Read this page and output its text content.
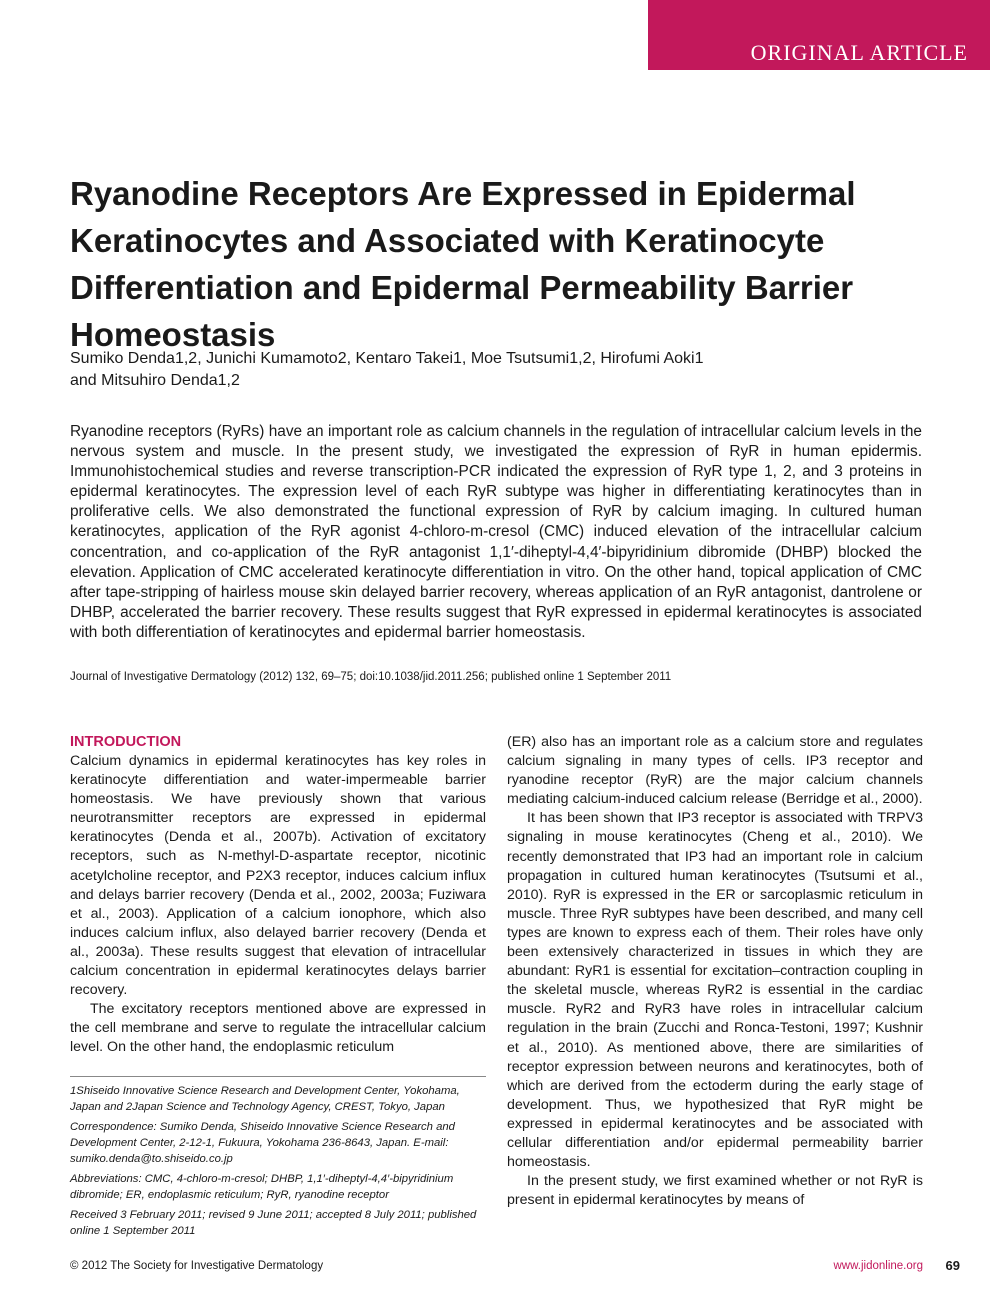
ORIGINAL ARTICLE
Ryanodine Receptors Are Expressed in Epidermal Keratinocytes and Associated with Keratinocyte Differentiation and Epidermal Permeability Barrier Homeostasis
Sumiko Denda1,2, Junichi Kumamoto2, Kentaro Takei1, Moe Tsutsumi1,2, Hirofumi Aoki1
and Mitsuhiro Denda1,2

Ryanodine receptors (RyRs) have an important role as calcium channels in the regulation of intracellular calcium levels in the nervous system and muscle. In the present study, we investigated the expression of RyR in human epidermis. Immunohistochemical studies and reverse transcription-PCR indicated the expression of RyR type 1, 2, and 3 proteins in epidermal keratinocytes. The expression level of each RyR subtype was higher in differentiating keratinocytes than in proliferative cells. We also demonstrated the functional expression of RyR by calcium imaging. In cultured human keratinocytes, application of the RyR agonist 4-chloro-m-cresol (CMC) induced elevation of the intracellular calcium concentration, and co-application of the RyR antagonist 1,1′-diheptyl-4,4′-bipyridinium dibromide (DHBP) blocked the elevation. Application of CMC accelerated keratinocyte differentiation in vitro. On the other hand, topical application of CMC after tape-stripping of hairless mouse skin delayed barrier recovery, whereas application of an RyR antagonist, dantrolene or DHBP, accelerated the barrier recovery. These results suggest that RyR expressed in epidermal keratinocytes is associated with both differentiation of keratinocytes and epidermal barrier homeostasis.

Journal of Investigative Dermatology (2012) 132, 69–75; doi:10.1038/jid.2011.256; published online 1 September 2011
INTRODUCTION

Calcium dynamics in epidermal keratinocytes has key roles in keratinocyte differentiation and water-impermeable barrier homeostasis. We have previously shown that various neurotransmitter receptors are expressed in epidermal keratinocytes (Denda et al., 2007b). Activation of excitatory receptors, such as N-methyl-D-aspartate receptor, nicotinic acetylcholine receptor, and P2X3 receptor, induces calcium influx and delays barrier recovery (Denda et al., 2002, 2003a; Fuziwara et al., 2003). Application of a calcium ionophore, which also induces calcium influx, also delayed barrier recovery (Denda et al., 2003a). These results suggest that elevation of intracellular calcium concentration in epidermal keratinocytes delays barrier recovery.

The excitatory receptors mentioned above are expressed in the cell membrane and serve to regulate the intracellular calcium level. On the other hand, the endoplasmic reticulum

1Shiseido Innovative Science Research and Development Center, Yokohama, Japan and 2Japan Science and Technology Agency, CREST, Tokyo, Japan

Correspondence: Sumiko Denda, Shiseido Innovative Science Research and Development Center, 2-12-1, Fukuura, Yokohama 236-8643, Japan. E-mail: sumiko.denda@to.shiseido.co.jp

Abbreviations: CMC, 4-chloro-m-cresol; DHBP, 1,1′-diheptyl-4,4′-bipyridinium dibromide; ER, endoplasmic reticulum; RyR, ryanodine receptor

Received 3 February 2011; revised 9 June 2011; accepted 8 July 2011; published online 1 September 2011

(ER) also has an important role as a calcium store and regulates calcium signaling in many types of cells. IP3 receptor and ryanodine receptor (RyR) are the major calcium channels mediating calcium-induced calcium release (Berridge et al., 2000).

It has been shown that IP3 receptor is associated with TRPV3 signaling in mouse keratinocytes (Cheng et al., 2010). We recently demonstrated that IP3 had an important role in calcium propagation in cultured human keratinocytes (Tsutsumi et al., 2010). RyR is expressed in the ER or sarcoplasmic reticulum in muscle. Three RyR subtypes have been described, and many cell types are known to express each of them. Their roles have only been extensively characterized in tissues in which they are abundant: RyR1 is essential for excitation–contraction coupling in the skeletal muscle, whereas RyR2 is essential in the cardiac muscle. RyR2 and RyR3 have roles in intracellular calcium regulation in the brain (Zucchi and Ronca-Testoni, 1997; Kushnir et al., 2010). As mentioned above, there are similarities of receptor expression between neurons and keratinocytes, both of which are derived from the ectoderm during the early stage of development. Thus, we hypothesized that RyR might be expressed in epidermal keratinocytes and be associated with cellular differentiation and/or epidermal permeability barrier homeostasis.

In the present study, we first examined whether or not RyR is present in epidermal keratinocytes by means of

© 2012 The Society for Investigative Dermatology	www.jidonline.org 69
